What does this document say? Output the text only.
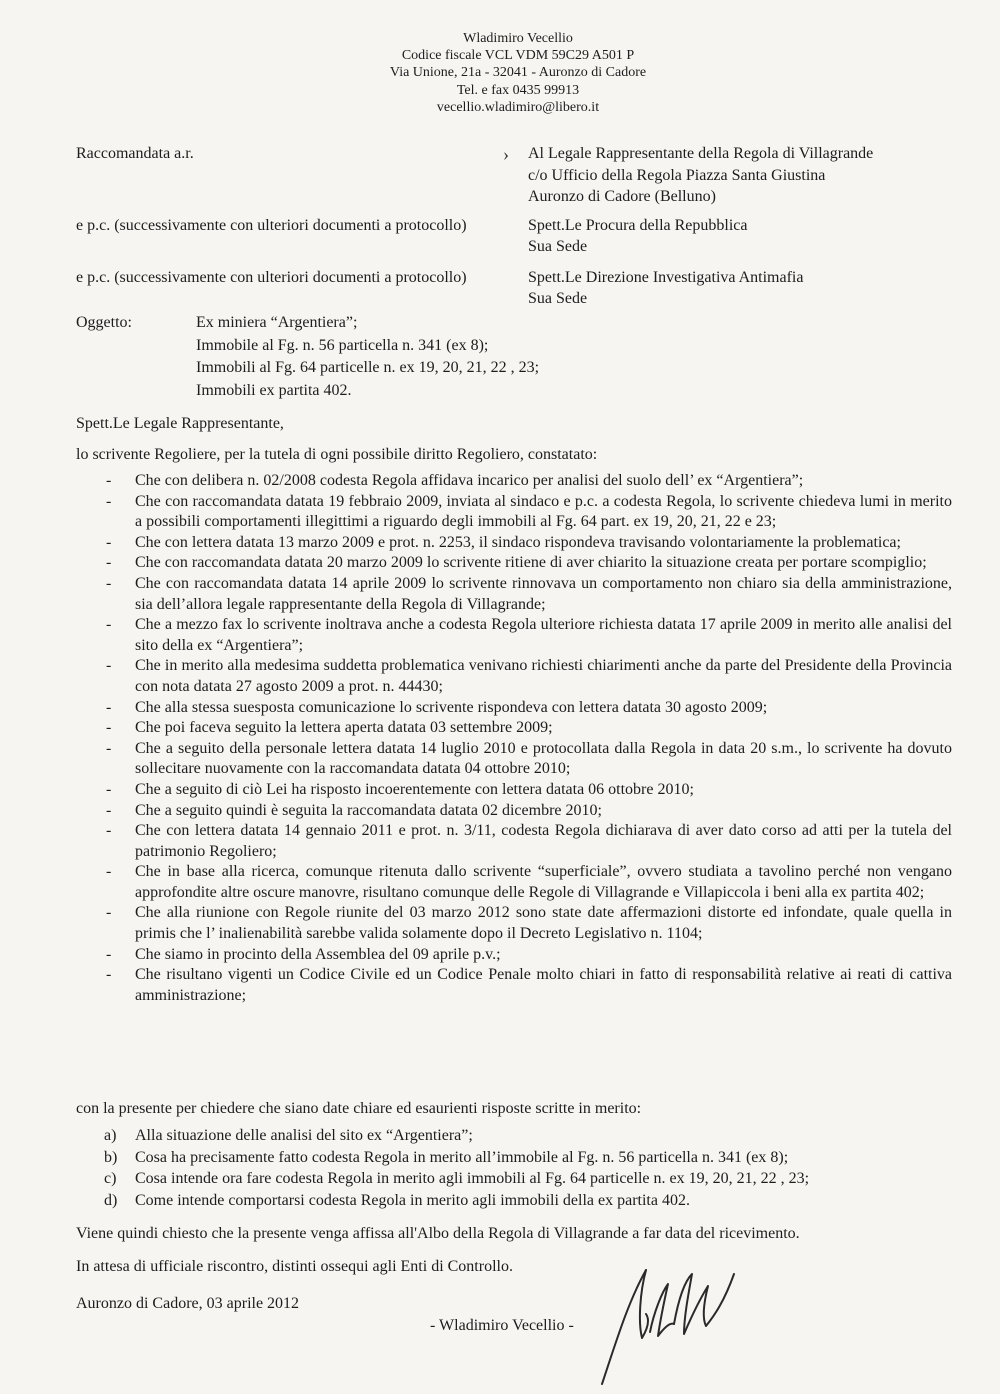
Wladimiro Vecellio
Codice fiscale VCL VDM 59C29 A501 P
Via Unione, 21a - 32041 - Auronzo di Cadore
Tel. e fax 0435 99913
vecellio.wladimiro@libero.it
Raccomandata a.r.	› Al Legale Rappresentante della Regola di Villagrande
c/o Ufficio della Regola Piazza Santa Giustina
Auronzo di Cadore (Belluno)
e p.c. (successivamente con ulteriori documenti a protocollo)	Spett.Le Procura della Repubblica
Sua Sede
e p.c. (successivamente con ulteriori documenti a protocollo)	Spett.Le Direzione Investigativa Antimafia
Sua Sede
Oggetto:	Ex miniera “Argentiera”;
Immobile al Fg. n. 56 particella n. 341 (ex 8);
Immobili al Fg. 64 particelle n. ex 19, 20, 21, 22 , 23;
Immobili ex partita 402.
Spett.Le Legale Rappresentante,
lo scrivente Regoliere, per la tutela di ogni possibile diritto Regoliero, constatato:
- Che con delibera n. 02/2008 codesta Regola affidava incarico per analisi del suolo dell’ ex “Argentiera”;
- Che con raccomandata datata 19 febbraio 2009, inviata al sindaco e p.c. a codesta Regola, lo scrivente chiedeva lumi in merito a possibili comportamenti illegittimi a riguardo degli immobili al Fg. 64 part. ex 19, 20, 21, 22 e 23;
- Che con lettera datata 13 marzo 2009 e prot. n. 2253, il sindaco rispondeva travisando volontariamente la problematica;
- Che con raccomandata datata 20 marzo 2009 lo scrivente ritiene di aver chiarito la situazione creata per portare scompiglio;
- Che con raccomandata datata 14 aprile 2009 lo scrivente rinnovava un comportamento non chiaro sia della amministrazione, sia dell’allora legale rappresentante della Regola di Villagrande;
- Che a mezzo fax lo scrivente inoltrava anche a codesta Regola ulteriore richiesta datata 17 aprile 2009 in merito alle analisi del sito della ex “Argentiera”;
- Che in merito alla medesima suddetta problematica venivano richiesti chiarimenti anche da parte del Presidente della Provincia con nota datata 27 agosto 2009 a prot. n. 44430;
- Che alla stessa suesposta comunicazione lo scrivente rispondeva con lettera datata 30 agosto 2009;
- Che poi faceva seguito la lettera aperta datata 03 settembre 2009;
- Che a seguito della personale lettera datata 14 luglio 2010 e protocollata dalla Regola in data 20 s.m., lo scrivente ha dovuto sollecitare nuovamente con la raccomandata datata 04 ottobre 2010;
- Che a seguito di ciò Lei ha risposto incoerentemente con lettera datata 06 ottobre 2010;
- Che a seguito quindi è seguita la raccomandata datata 02 dicembre 2010;
- Che con lettera datata 14 gennaio 2011 e prot. n. 3/11, codesta Regola dichiarava di aver dato corso ad atti per la tutela del patrimonio Regoliero;
- Che in base alla ricerca, comunque ritenuta dallo scrivente “superficiale”, ovvero studiata a tavolino perché non vengano approfondite altre oscure manovre, risultano comunque delle Regole di Villagrande e Villapiccola i beni alla ex partita 402;
- Che alla riunione con Regole riunite del 03 marzo 2012 sono state date affermazioni distorte ed infondate, quale quella in primis che l’ inalienabilità sarebbe valida solamente dopo il Decreto Legislativo n. 1104;
- Che siamo in procinto della Assemblea del 09 aprile p.v.;
- Che risultano vigenti un Codice Civile ed un Codice Penale molto chiari in fatto di responsabilità relative ai reati di cattiva amministrazione;
con la presente per chiedere che siano date chiare ed esaurienti risposte scritte in merito:
a) Alla situazione delle analisi del sito ex “Argentiera”;
b) Cosa ha precisamente fatto codesta Regola in merito all’immobile al Fg. n. 56 particella n. 341 (ex 8);
c) Cosa intende ora fare codesta Regola in merito agli immobili al Fg. 64 particelle n. ex 19, 20, 21, 22 , 23;
d) Come intende comportarsi codesta Regola in merito agli immobili della ex partita 402.
Viene quindi chiesto che la presente venga affissa all'Albo della Regola di Villagrande a far data del ricevimento.
In attesa di ufficiale riscontro, distinti ossequi agli Enti di Controllo.
Auronzo di Cadore, 03 aprile 2012
- Wladimiro Vecellio -
